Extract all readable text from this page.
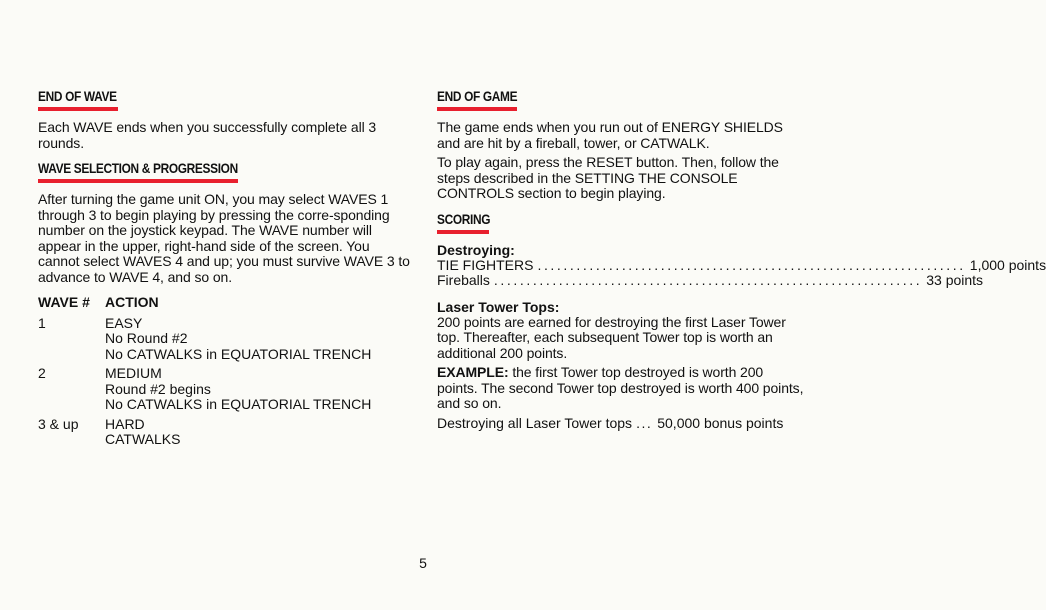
END OF WAVE

Each WAVE ends when you successfully complete all 3 rounds.

WAVE SELECTION & PROGRESSION

After turning the game unit ON, you may select WAVES 1 through 3 to begin playing by pressing the corre-sponding number on the joystick keypad. The WAVE number will appear in the upper, right-hand side of the screen. You cannot select WAVES 4 and up; you must survive WAVE 3 to advance to WAVE 4, and so on.

WAVE #	ACTION
1	EASY
No Round #2
No CATWALKS in EQUATORIAL TRENCH
2	MEDIUM
Round #2 begins
No CATWALKS in EQUATORIAL TRENCH
3 & up	HARD
CATWALKS
END OF GAME

The game ends when you run out of ENERGY SHIELDS and are hit by a fireball, tower, or CATWALK.

To play again, press the RESET button. Then, follow the steps described in the SETTING THE CONSOLE CONTROLS section to begin playing.

SCORING
Destroying:
TIE FIGHTERS .................................................................. 1,000 points
Fireballs .................................................................. 33 points
Laser Tower Tops:

200 points are earned for destroying the first Laser Tower top. Thereafter, each subsequent Tower top is worth an additional 200 points.

EXAMPLE: the first Tower top destroyed is worth 200 points. The second Tower top destroyed is worth 400 points, and so on.

Destroying all Laser Tower tops ... 50,000 bonus points
5
